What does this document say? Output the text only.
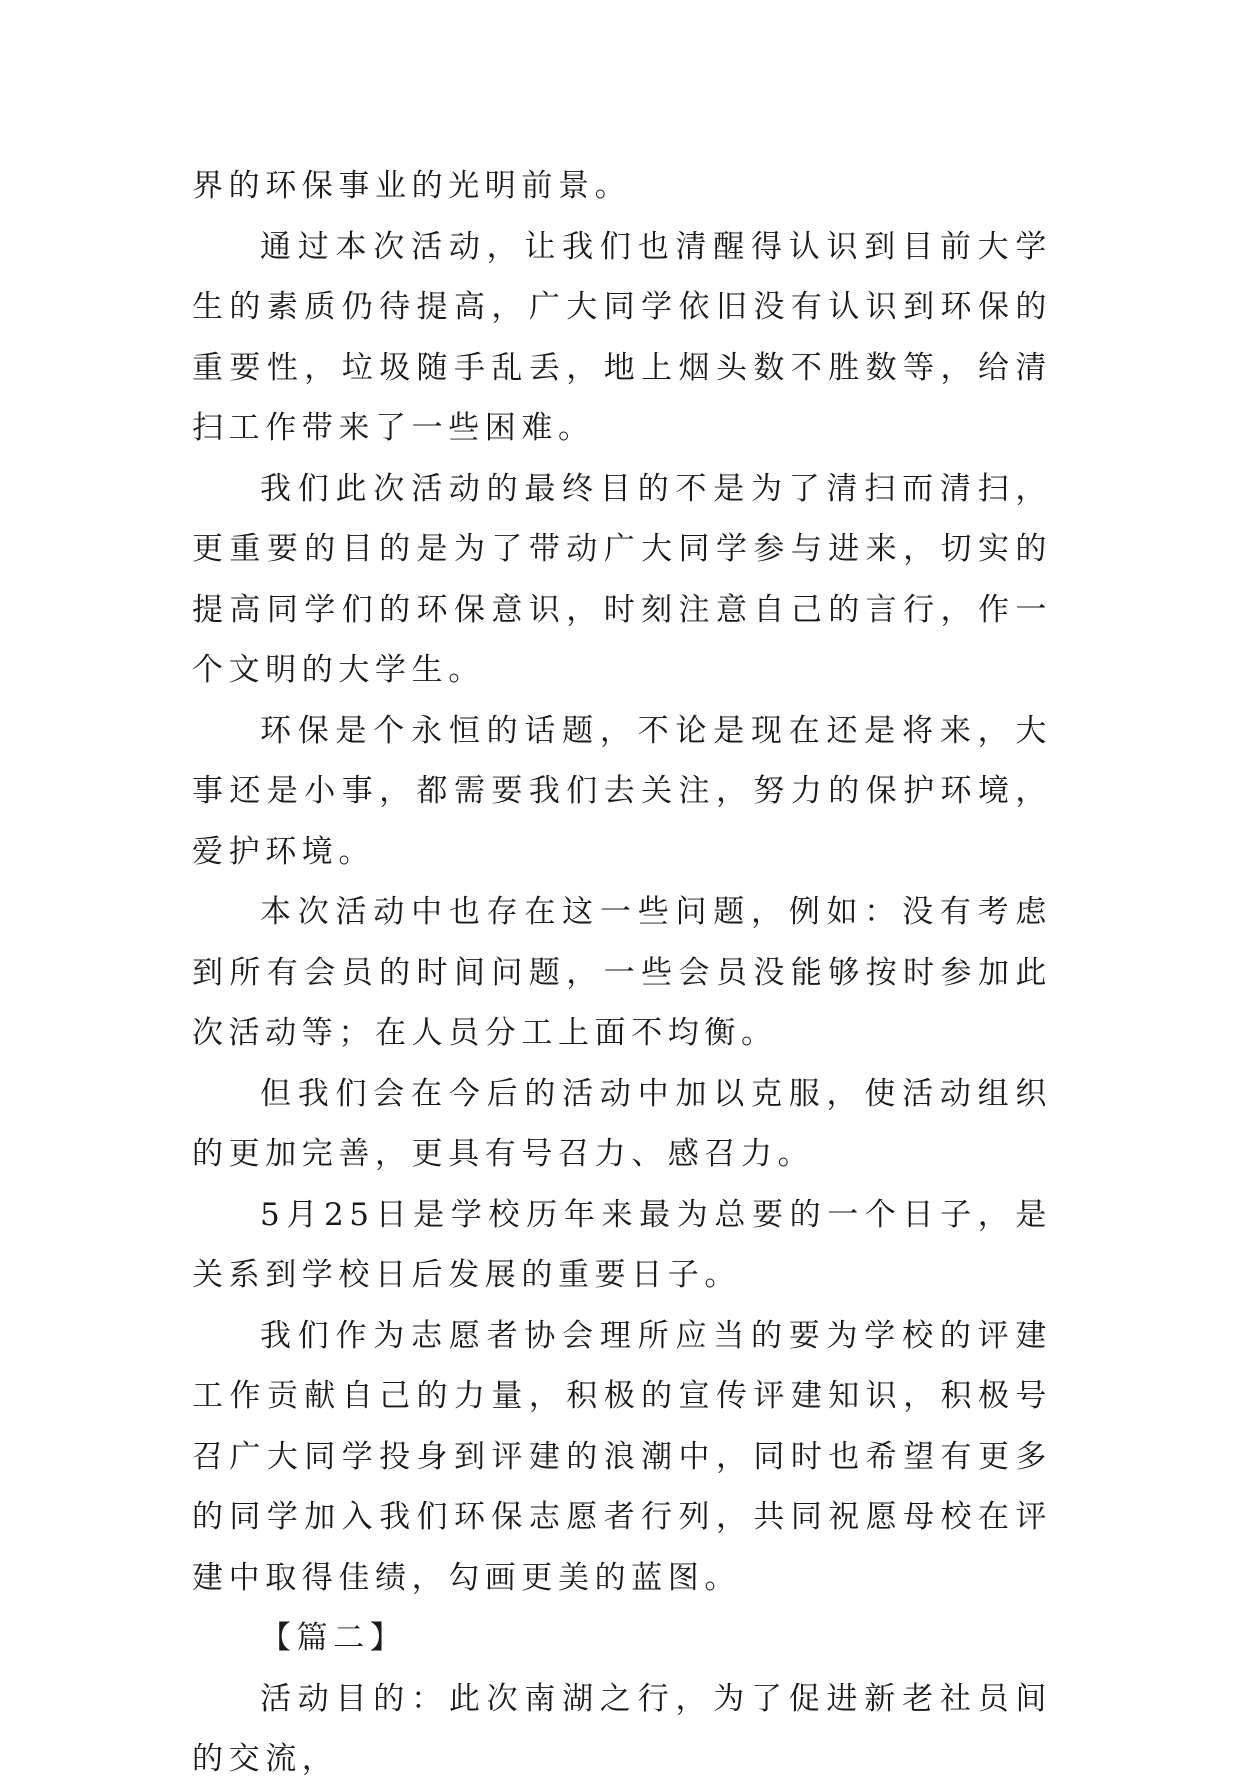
界的环保事业的光明前景。

通过本次活动，让我们也清醒得认识到目前大学生的素质仍待提高，广大同学依旧没有认识到环保的重要性，垃圾随手乱丢，地上烟头数不胜数等，给清扫工作带来了一些困难。

我们此次活动的最终目的不是为了清扫而清扫，更重要的目的是为了带动广大同学参与进来，切实的提高同学们的环保意识，时刻注意自己的言行，作一个文明的大学生。

环保是个永恒的话题，不论是现在还是将来，大事还是小事，都需要我们去关注，努力的保护环境，爱护环境。

本次活动中也存在这一些问题，例如：没有考虑到所有会员的时间问题，一些会员没能够按时参加此次活动等；在人员分工上面不均衡。

但我们会在今后的活动中加以克服，使活动组织的更加完善，更具有号召力、感召力。

5月25日是学校历年来最为总要的一个日子，是关系到学校日后发展的重要日子。

我们作为志愿者协会理所应当的要为学校的评建工作贡献自己的力量，积极的宣传评建知识，积极号召广大同学投身到评建的浪潮中，同时也希望有更多的同学加入我们环保志愿者行列，共同祝愿母校在评建中取得佳绩，勾画更美的蓝图。

【篇二】

活动目的：此次南湖之行，为了促进新老社员间的交流，
